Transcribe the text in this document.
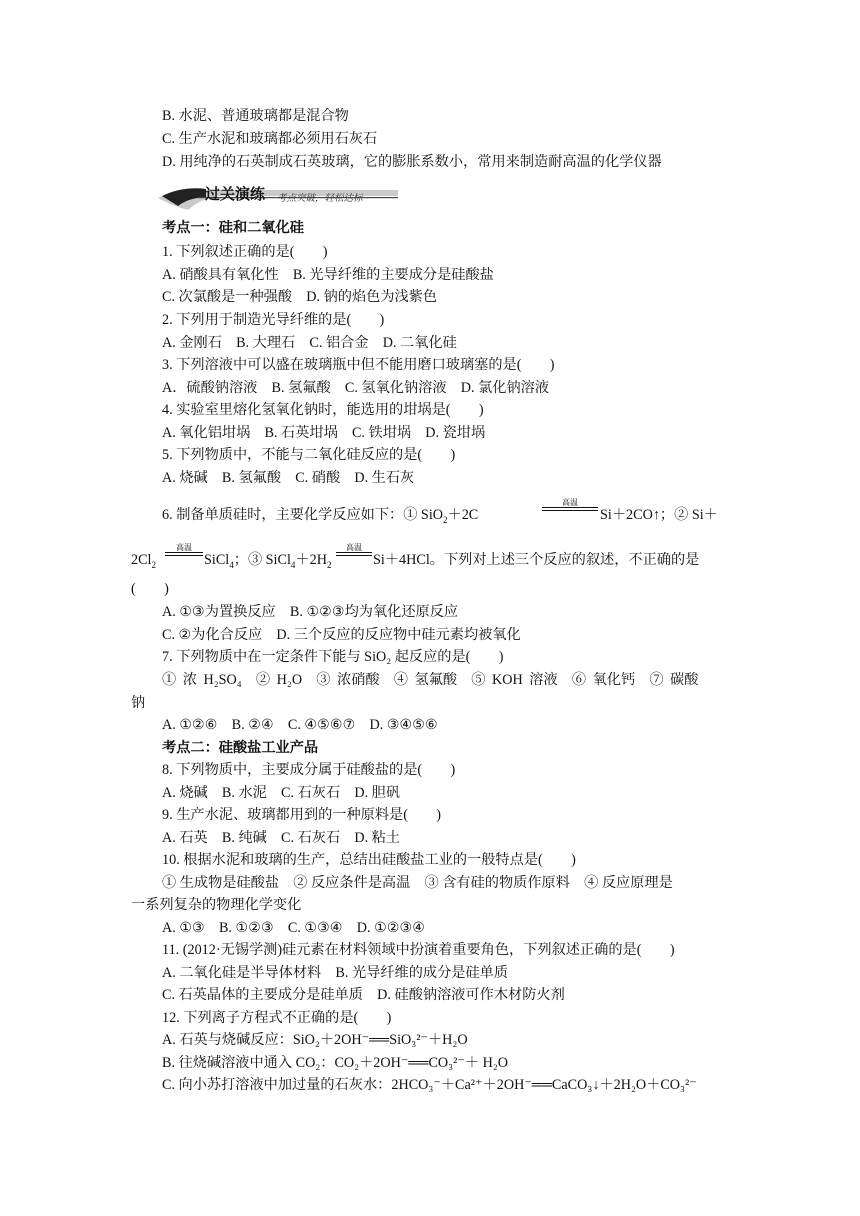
B. 水泥、普通玻璃都是混合物
C. 生产水泥和玻璃都必须用石灰石
D. 用纯净的石英制成石英玻璃，它的膨胀系数小，常用来制造耐高温的化学仪器
过关演练 考点突破，轻松达标
考点一：硅和二氧化硅
1. 下列叙述正确的是(　　)
A. 硝酸具有氧化性　B. 光导纤维的主要成分是硅酸盐
C. 次氯酸是一种强酸　D. 钠的焰色为浅紫色
2. 下列用于制造光导纤维的是(　　)
A. 金刚石　B. 大理石　C. 铝合金　D. 二氧化硅
3. 下列溶液中可以盛在玻璃瓶中但不能用磨口玻璃塞的是(　　)
A．硫酸钠溶液　B. 氢氟酸　C. 氢氧化钠溶液　D. 氯化钠溶液
4. 实验室里熔化氢氧化钠时，能选用的坩埚是(　　)
A. 氧化铝坩埚　B. 石英坩埚　C. 铁坩埚　D. 瓷坩埚
5. 下列物质中，不能与二氧化硅反应的是(　　)
A. 烧碱　B. 氢氟酸　C. 硝酸　D. 生石灰
6. 制备单质硅时，主要化学反应如下：① SiO$_2$＋2C
高温
Si＋2CO↑；② Si＋
$2Cl_2$
高温
SiCl$_4$；③ $SiCl_4+2H_2$
高温
Si＋4HCl。下列对上述三个反应的叙述，不正确的是
(　　)
A. ①③为置换反应　B. ①②③均为氧化还原反应
C. ②为化合反应　D. 三个反应的反应物中硅元素均被氧化
7. 下列物质中在一定条件下能与 SiO₂ 起反应的是(　　)
① 浓 H₂SO₄　② H₂O　③ 浓硝酸　④ 氢氟酸　⑤ KOH 溶液　⑥ 氧化钙　⑦ 碳酸
钠
A. ①②⑥　B. ②④　C. ④⑤⑥⑦　D. ③④⑤⑥
考点二：硅酸盐工业产品
8. 下列物质中，主要成分属于硅酸盐的是(　　)
A. 烧碱　B. 水泥　C. 石灰石　D. 胆矾
9. 生产水泥、玻璃都用到的一种原料是(　　)
A. 石英　B. 纯碱　C. 石灰石　D. 粘土
10. 根据水泥和玻璃的生产，总结出硅酸盐工业的一般特点是(　　)
① 生成物是硅酸盐　② 反应条件是高温　③ 含有硅的物质作原料　④ 反应原理是
一系列复杂的物理化学变化
A. ①③　B. ①②③　C. ①③④　D. ①②③④
11. (2012·无锡学测)硅元素在材料领域中扮演着重要角色，下列叙述正确的是(　　)
A. 二氧化硅是半导体材料　B. 光导纤维的成分是硅单质
C. 石英晶体的主要成分是硅单质　D. 硅酸钠溶液可作木材防火剂
12. 下列离子方程式不正确的是(　　)
A. 石英与烧碱反应：SiO₂＋2OH⁻══SiO₃²⁻＋H₂O
B. 往烧碱溶液中通入 CO₂：CO₂＋2OH⁻══CO₃²⁻＋ H₂O
C. 向小苏打溶液中加过量的石灰水：2HCO₃⁻＋Ca²⁺＋2OH⁻══CaCO₃↓＋2H₂O＋CO₃²⁻
